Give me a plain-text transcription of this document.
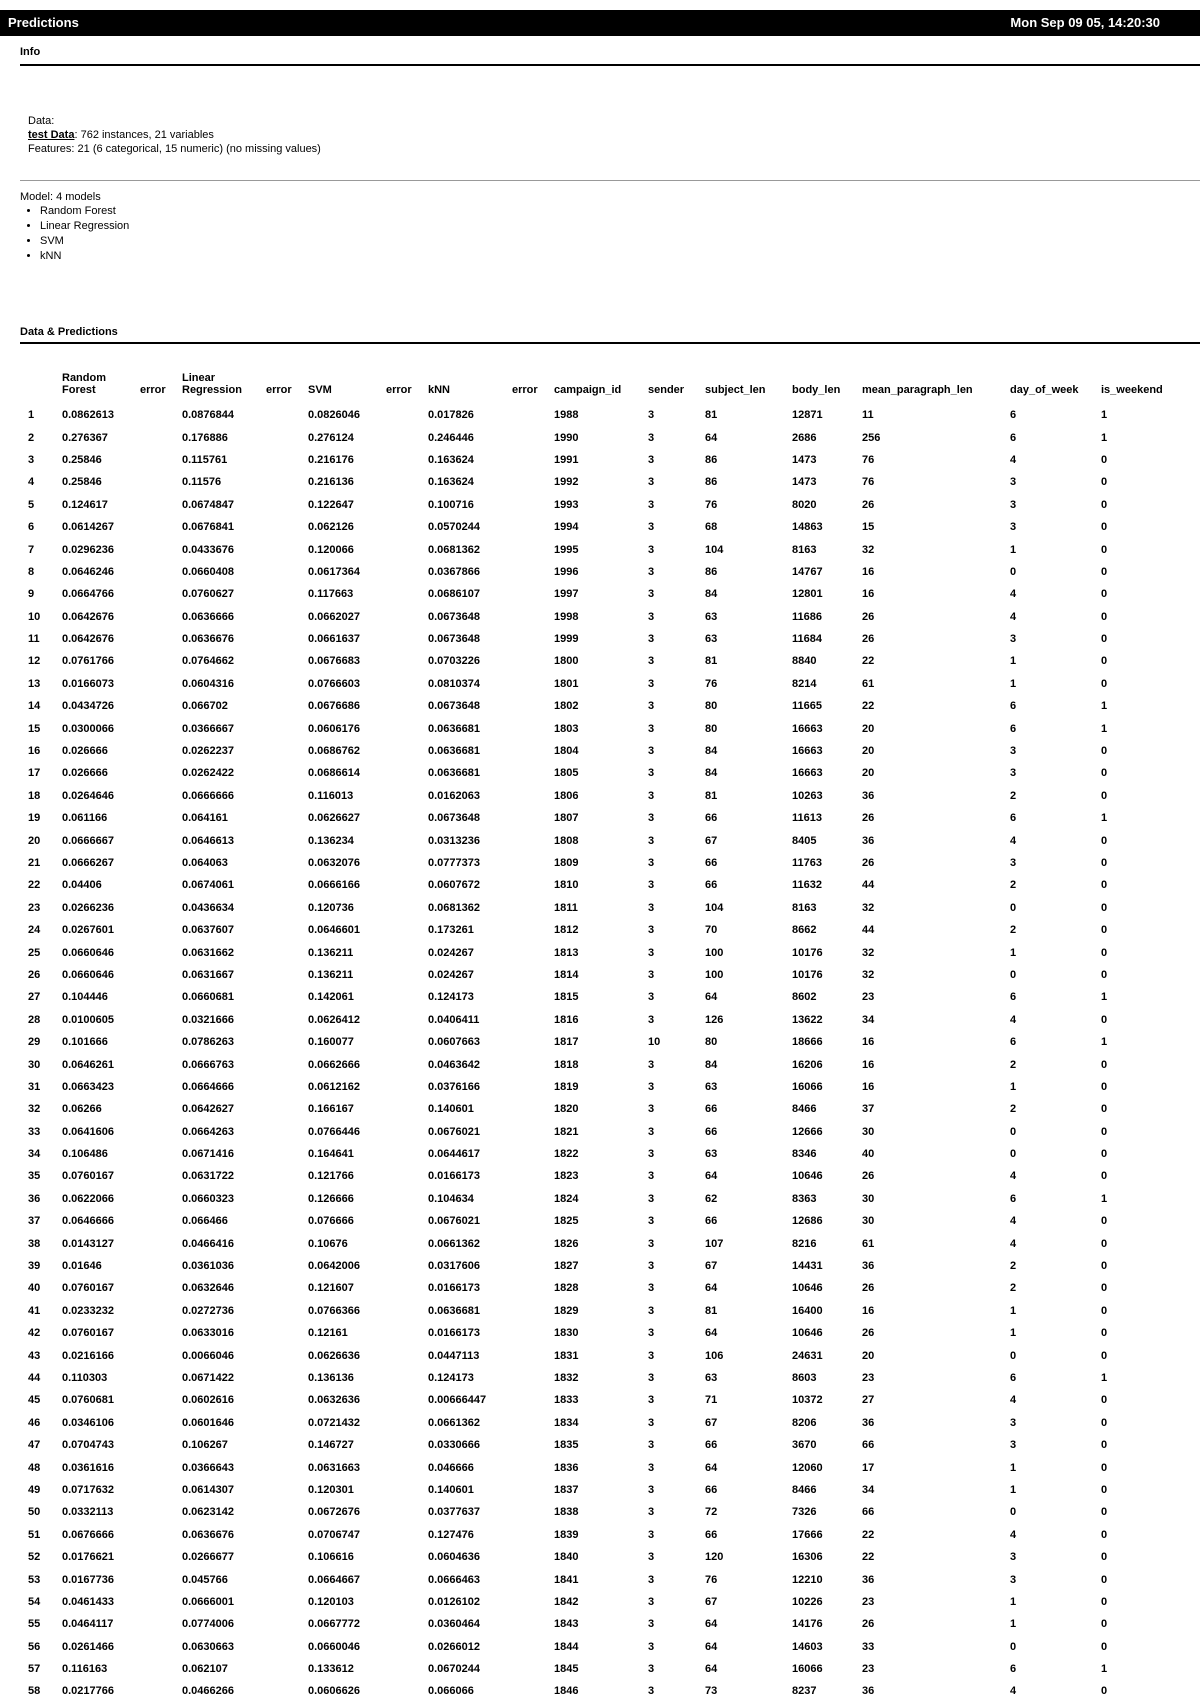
Predictions	Mon Sep 09 05, 14:20:30
Info
Data:
test Data: 762 instances, 21 variables
Features: 21 (6 categorical, 15 numeric) (no missing values)
Model: 4 models
• Random Forest
• Linear Regression
• SVM
• kNN
Data & Predictions
	Random Forest	error	Linear Regression	error	SVM	error	kNN	error	campaign_id	sender	subject_len	body_len	mean_paragraph_len	day_of_week	is_weekend
1	0.0862613		0.0876844		0.0826046		0.017826		1988	3	81	12871	11	6	1
2	0.276367		0.176886		0.276124		0.246446		1990	3	64	2686	256	6	1
3	0.25846		0.115761		0.216176		0.163624		1991	3	86	1473	76	4	0
4	0.25846		0.11576		0.216136		0.163624		1992	3	86	1473	76	3	0
5	0.124617		0.0674847		0.122647		0.100716		1993	3	76	8020	26	3	0
6	0.0614267		0.0676841		0.062126		0.0570244		1994	3	68	14863	15	3	0
7	0.0296236		0.0433676		0.120066		0.0681362		1995	3	104	8163	32	1	0
8	0.0646246		0.0660408		0.0617364		0.0367866		1996	3	86	14767	16	0	0
9	0.0664766		0.0760627		0.117663		0.0686107		1997	3	84	12801	16	4	0
10	0.0642676		0.0636666		0.0662027		0.0673648		1998	3	63	11686	26	4	0
11	0.0642676		0.0636676		0.0661637		0.0673648		1999	3	63	11684	26	3	0
12	0.0761766		0.0764662		0.0676683		0.0703226		1800	3	81	8840	22	1	0
13	0.0166073		0.0604316		0.0766603		0.0810374		1801	3	76	8214	61	1	0
14	0.0434726		0.066702		0.0676686		0.0673648		1802	3	80	11665	22	6	1
15	0.0300066		0.0366667		0.0606176		0.0636681		1803	3	80	16663	20	6	1
16	0.026666		0.0262237		0.0686762		0.0636681		1804	3	84	16663	20	3	0
17	0.026666		0.0262422		0.0686614		0.0636681		1805	3	84	16663	20	3	0
18	0.0264646		0.0666666		0.116013		0.0162063		1806	3	81	10263	36	2	0
19	0.061166		0.064161		0.0626627		0.0673648		1807	3	66	11613	26	6	1
20	0.0666667		0.0646613		0.136234		0.0313236		1808	3	67	8405	36	4	0
21	0.0666267		0.064063		0.0632076		0.0777373		1809	3	66	11763	26	3	0
22	0.04406		0.0674061		0.0666166		0.0607672		1810	3	66	11632	44	2	0
23	0.0266236		0.0436634		0.120736		0.0681362		1811	3	104	8163	32	0	0
24	0.0267601		0.0637607		0.0646601		0.173261		1812	3	70	8662	44	2	0
25	0.0660646		0.0631662		0.136211		0.024267		1813	3	100	10176	32	1	0
26	0.0660646		0.0631667		0.136211		0.024267		1814	3	100	10176	32	0	0
27	0.104446		0.0660681		0.142061		0.124173		1815	3	64	8602	23	6	1
28	0.0100605		0.0321666		0.0626412		0.0406411		1816	3	126	13622	34	4	0
29	0.101666		0.0786263		0.160077		0.0607663		1817	10	80	18666	16	6	1
30	0.0646261		0.0666763		0.0662666		0.0463642		1818	3	84	16206	16	2	0
31	0.0663423		0.0664666		0.0612162		0.0376166		1819	3	63	16066	16	1	0
32	0.06266		0.0642627		0.166167		0.140601		1820	3	66	8466	37	2	0
33	0.0641606		0.0664263		0.0766446		0.0676021		1821	3	66	12666	30	0	0
34	0.106486		0.0671416		0.164641		0.0644617		1822	3	63	8346	40	0	0
35	0.0760167		0.0631722		0.121766		0.0166173		1823	3	64	10646	26	4	0
36	0.0622066		0.0660323		0.126666		0.104634		1824	3	62	8363	30	6	1
37	0.0646666		0.066466		0.076666		0.0676021		1825	3	66	12686	30	4	0
38	0.0143127		0.0466416		0.10676		0.0661362		1826	3	107	8216	61	4	0
39	0.01646		0.0361036		0.0642006		0.0317606		1827	3	67	14431	36	2	0
40	0.0760167		0.0632646		0.121607		0.0166173		1828	3	64	10646	26	2	0
41	0.0233232		0.0272736		0.0766366		0.0636681		1829	3	81	16400	16	1	0
42	0.0760167		0.0633016		0.12161		0.0166173		1830	3	64	10646	26	1	0
43	0.0216166		0.0066046		0.0626636		0.0447113		1831	3	106	24631	20	0	0
44	0.110303		0.0671422		0.136136		0.124173		1832	3	63	8603	23	6	1
45	0.0760681		0.0602616		0.0632636		0.00666447		1833	3	71	10372	27	4	0
46	0.0346106		0.0601646		0.0721432		0.0661362		1834	3	67	8206	36	3	0
47	0.0704743		0.106267		0.146727		0.0330666		1835	3	66	3670	66	3	0
48	0.0361616		0.0366643		0.0631663		0.046666		1836	3	64	12060	17	1	0
49	0.0717632		0.0614307		0.120301		0.140601		1837	3	66	8466	34	1	0
50	0.0332113		0.0623142		0.0672676		0.0377637		1838	3	72	7326	66	0	0
51	0.0676666		0.0636676		0.0706747		0.127476		1839	3	66	17666	22	4	0
52	0.0176621		0.0266677		0.106616		0.0604636		1840	3	120	16306	22	3	0
53	0.0167736		0.045766		0.0664667		0.0666463		1841	3	76	12210	36	3	0
54	0.0461433		0.0666001		0.120103		0.0126102		1842	3	67	10226	23	1	0
55	0.0464117		0.0774006		0.0667772		0.0360464		1843	3	64	14176	26	1	0
56	0.0261466		0.0630663		0.0660046		0.0266012		1844	3	64	14603	33	0	0
57	0.116163		0.062107		0.133612		0.0670244		1845	3	64	16066	23	6	1
58	0.0217766		0.0466266		0.0606626		0.066066		1846	3	73	8237	36	4	0
